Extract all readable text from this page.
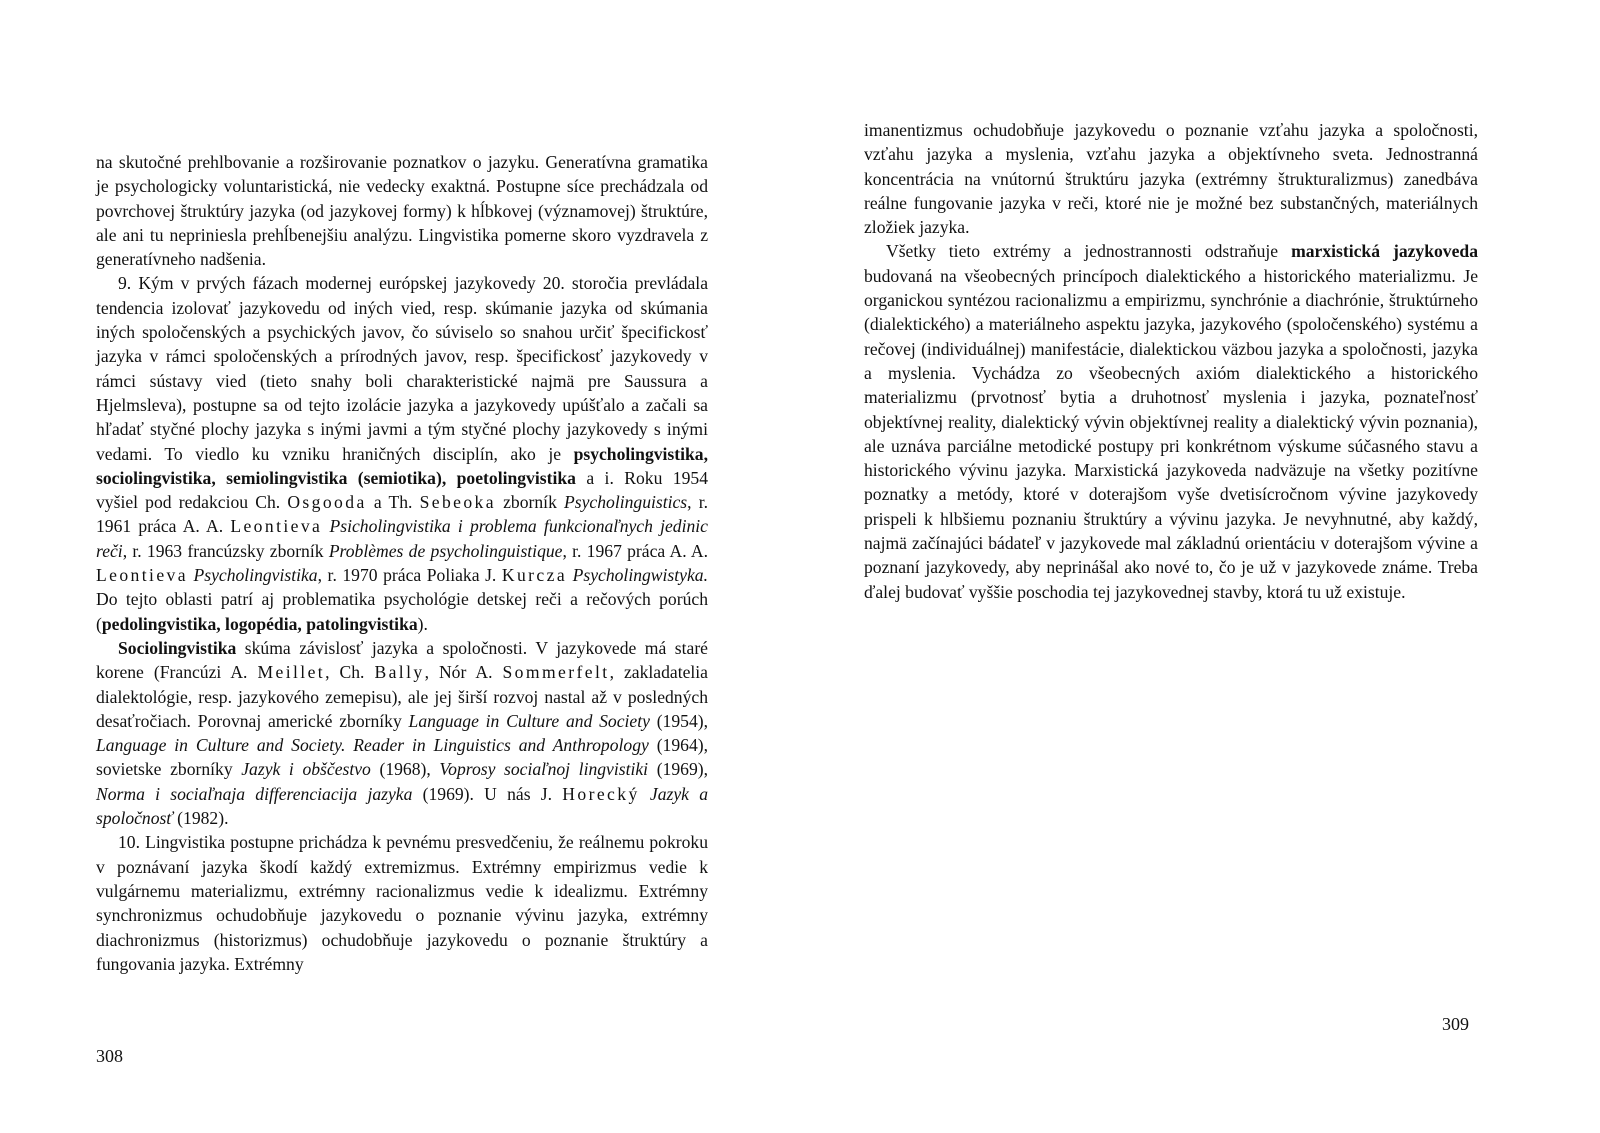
na skutočné prehlbovanie a rozširovanie poznatkov o jazyku. Generatívna gramatika je psychologicky voluntaristická, nie vedecky exaktná. Postupne síce prechádzala od povrchovej štruktúry jazyka (od jazykovej formy) k hĺbkovej (významovej) štruktúre, ale ani tu nepriniesla prehĺbenejšiu analýzu. Lingvistika pomerne skoro vyzdravela z generatívneho nadšenia.

9. Kým v prvých fázach modernej európskej jazykovedy 20. storočia prevládala tendencia izolovať jazykovedu od iných vied, resp. skúmanie jazyka od skúmania iných spoločenských a psychických javov, čo súviselo so snahou určiť špecifickosť jazyka v rámci spoločenských a prírodných javov, resp. špecifickosť jazykovedy v rámci sústavy vied (tieto snahy boli charakteristické najmä pre Saussura a Hjelmsleva), postupne sa od tejto izolácie jazyka a jazykovedy upúšťalo a začali sa hľadať styčné plochy jazyka s inými javmi a tým styčné plochy jazykovedy s inými vedami. To viedlo ku vzniku hraničných disciplín, ako je psycholingvistika, sociolingvistika, semiolingvistika (semiotika), poetolingvistika a i. Roku 1954 vyšiel pod redakciou Ch. Osgooda a Th. Sebeoka zborník Psycholinguistics, r. 1961 práca A. A. Leontieva Psicholingvistika i problema funkcionaľnych jedinic reči, r. 1963 francúzsky zborník Problèmes de psycholinguistique, r. 1967 práca A. A. Leontieva Psycholingvistika, r. 1970 práca Poliaka J. Kurcza Psycholingwistyka. Do tejto oblasti patrí aj problematika psychológie detskej reči a rečových porúch (pedolingvistika, logopédia, patolingvistika).

Sociolingvistika skúma závislosť jazyka a spoločnosti. V jazykovede má staré korene (Francúzi A. Meillet, Ch. Bally, Nór A. Sommerfelt, zakladatelia dialektológie, resp. jazykového zemepisu), ale jej širší rozvoj nastal až v posledných desaťročiach. Porovnaj americké zborníky Language in Culture and Society (1954), Language in Culture and Society. Reader in Linguistics and Anthropology (1964), sovietske zborníky Jazyk i obščestvo (1968), Voprosy sociaľnoj lingvistiki (1969), Norma i sociaľnaja differenciacija jazyka (1969). U nás J. Horecký Jazyk a spoločnosť (1982).

10. Lingvistika postupne prichádza k pevnému presvedčeniu, že reálnemu pokroku v poznávaní jazyka škodí každý extremizmus. Extrémny empirizmus vedie k vulgárnemu materializmu, extrémny racionalizmus vedie k idealizmu. Extrémny synchronizmus ochudobňuje jazykovedu o poznanie vývinu jazyka, extrémny diachronizmus (historizmus) ochudobňuje jazykovedu o poznanie štruktúry a fungovania jazyka. Extrémny

308

imanentizmus ochudobňuje jazykovedu o poznanie vzťahu jazyka a spoločnosti, vzťahu jazyka a myslenia, vzťahu jazyka a objektívneho sveta. Jednostranná koncentrácia na vnútornú štruktúru jazyka (extrémny štrukturalizmus) zanedbáva reálne fungovanie jazyka v reči, ktoré nie je možné bez substančných, materiálnych zložiek jazyka.

Všetky tieto extrémy a jednostrannosti odstraňuje marxistická jazykoveda budovaná na všeobecných princípoch dialektického a historického materializmu. Je organickou syntézou racionalizmu a empirizmu, synchrónie a diachrónie, štruktúrneho (dialektického) a materiálneho aspektu jazyka, jazykového (spoločenského) systému a rečovej (individuálnej) manifestácie, dialektickou väzbou jazyka a spoločnosti, jazyka a myslenia. Vychádza zo všeobecných axióm dialektického a historického materializmu (prvotnosť bytia a druhotnosť myslenia i jazyka, poznateľnosť objektívnej reality, dialektický vývin objektívnej reality a dialektický vývin poznania), ale uznáva parciálne metodické postupy pri konkrétnom výskume súčasného stavu a historického vývinu jazyka. Marxistická jazykoveda nadväzuje na všetky pozitívne poznatky a metódy, ktoré v doterajšom vyše dvetisícročnom vývine jazykovedy prispeli k hlbšiemu poznaniu štruktúry a vývinu jazyka. Je nevyhnutné, aby každý, najmä začínajúci bádateľ v jazykovede mal základnú orientáciu v doterajšom vývine a poznaní jazykovedy, aby neprinášal ako nové to, čo je už v jazykovede známe. Treba ďalej budovať vyššie poschodia tej jazykovednej stavby, ktorá tu už existuje.

309
